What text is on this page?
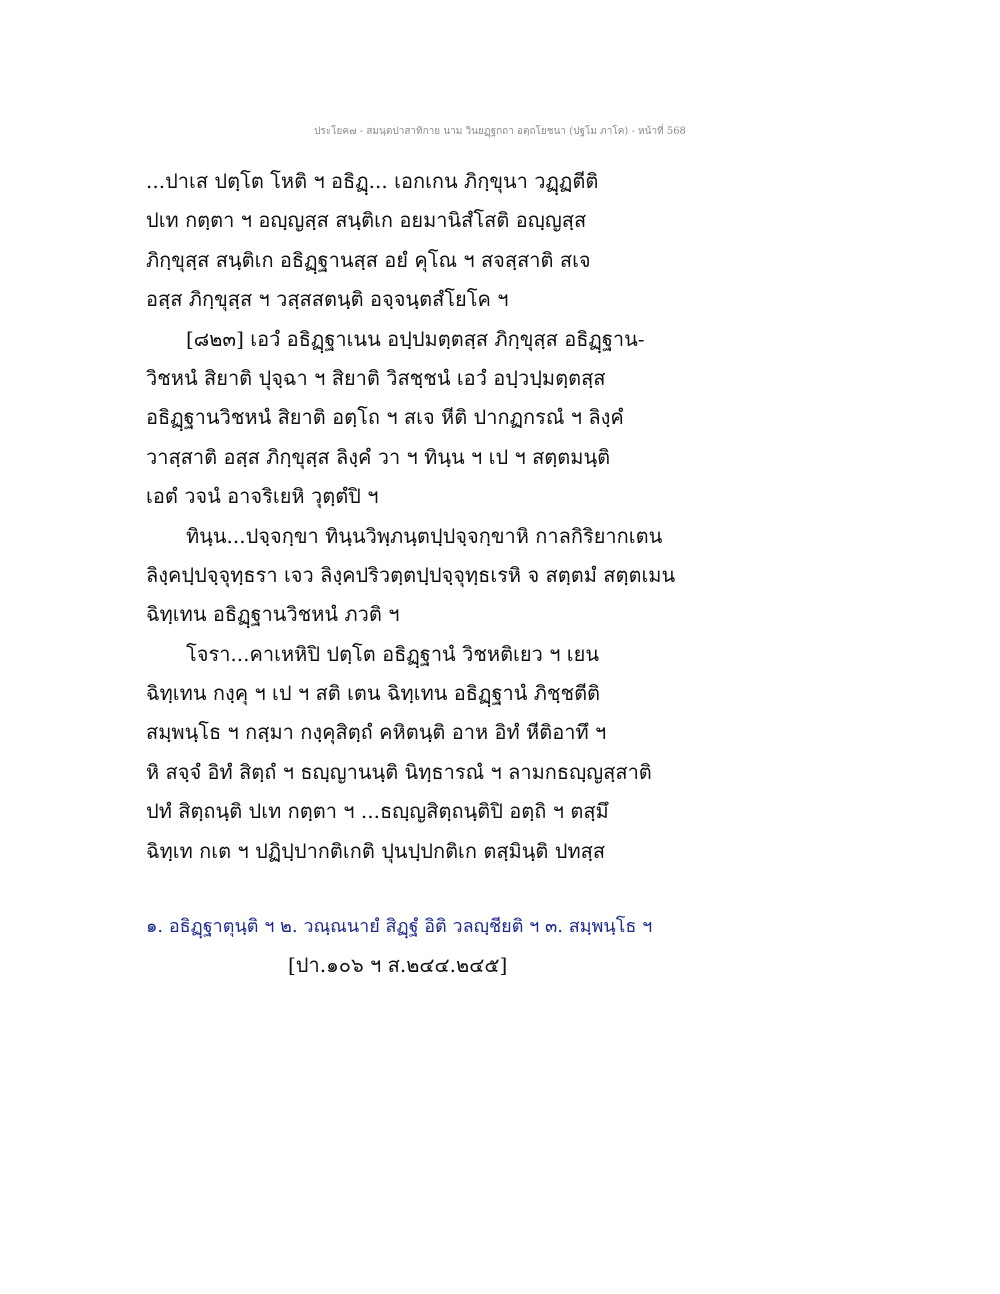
ประโยค๗ - สมนฺตปาสาทิกาย นาม วินยฏฺฐกถา อตฺถโยชนา (ปฐโม ภาโค) - หน้าที่ 568
...ปาเส ปตฺโต โหติ ฯ อธิฏฺ... เอกเกน ภิกฺขุนา วฏฺฏตีติ
ปเท กตฺตา ฯ อญฺญสฺส สนฺติเก อยมานิสํโสติ อญฺญสฺส
ภิกฺขุสฺส สนฺติเก อธิฏฺฐานสฺส อยํ คุโณ ฯ สจสฺสาติ สเจ
อสฺส ภิกฺขุสฺส ฯ วสฺสสตนฺติ อจฺจนฺตสํโยโค ฯ
[๘๒๓] เอวํ อธิฏฺฐาเนน อปฺปมตฺตสฺส ภิกฺขุสฺส อธิฏฺฐาน-
วิชหนํ สิยาติ ปุจฺฉา ฯ สิยาติ วิสชฺชนํ เอวํ อปฺวปฺมตฺตสฺส
อธิฏฺฐานวิชหนํ สิยาติ อตฺโถ ฯ สเจ หีติ ปากฏกรณํ ฯ ลิงฺคํ
วาสฺสาติ อสฺส ภิกฺขุสฺส ลิงฺคํ วา ฯ ทินฺน ฯ เป ฯ สตฺตมนฺติ
เอตํ วจนํ อาจริเยหิ วุตฺตํปิ ฯ
ทินฺน...ปจฺจกฺขา ทินฺนวิพฺภนฺตปฺปจฺจกฺขาหิ กาลกิริยากเตน
ลิงฺคปฺปจฺจุทฺธรา เจว ลิงฺคปริวตฺตปฺปจฺจุทฺธเรหิ จ สตฺตมํ สตฺตเมน
ฉิทฺเทน อธิฏฺฐานวิชหนํ ภวติ ฯ
โจรา...คาเหหิปิ ปตฺโต อธิฏฺฐานํ วิชหติเยว ฯ เยน
ฉิทฺเทน กงฺคุ ฯ เป ฯ สติ เตน ฉิทฺเทน อธิฏฺฐานํ ภิชฺชตีติ
สมฺพนฺโธ ฯ กสฺมา กงฺคุสิตฺถํ คหิตนฺติ อาห อิทํ หีติอาทึ ฯ
หิ สจฺจํ อิทํ สิตฺถํ ฯ ธญฺญานนฺติ นิทฺธารณํ ฯ ลามกธญฺญสฺสาติ
ปทํ สิตฺถนฺติ ปเท กตฺตา ฯ ...ธญฺญสิตฺถนฺติปิ อตฺถิ ฯ ตสฺมึ
ฉิทฺเท กเต ฯ ปฏิปฺปากติเกติ ปุนปฺปกติเก ตสฺมินฺติ ปทสฺส
๑. อธิฏฺฐาตุนฺติ ฯ ๒. วณฺณนายํ สิฏฺฐํ อิติ วลญฺชียติ ฯ ๓. สมฺพนฺโธ ฯ
[ปา.๑๐๖ ฯ ส.๒๔๔.๒๔๕]
